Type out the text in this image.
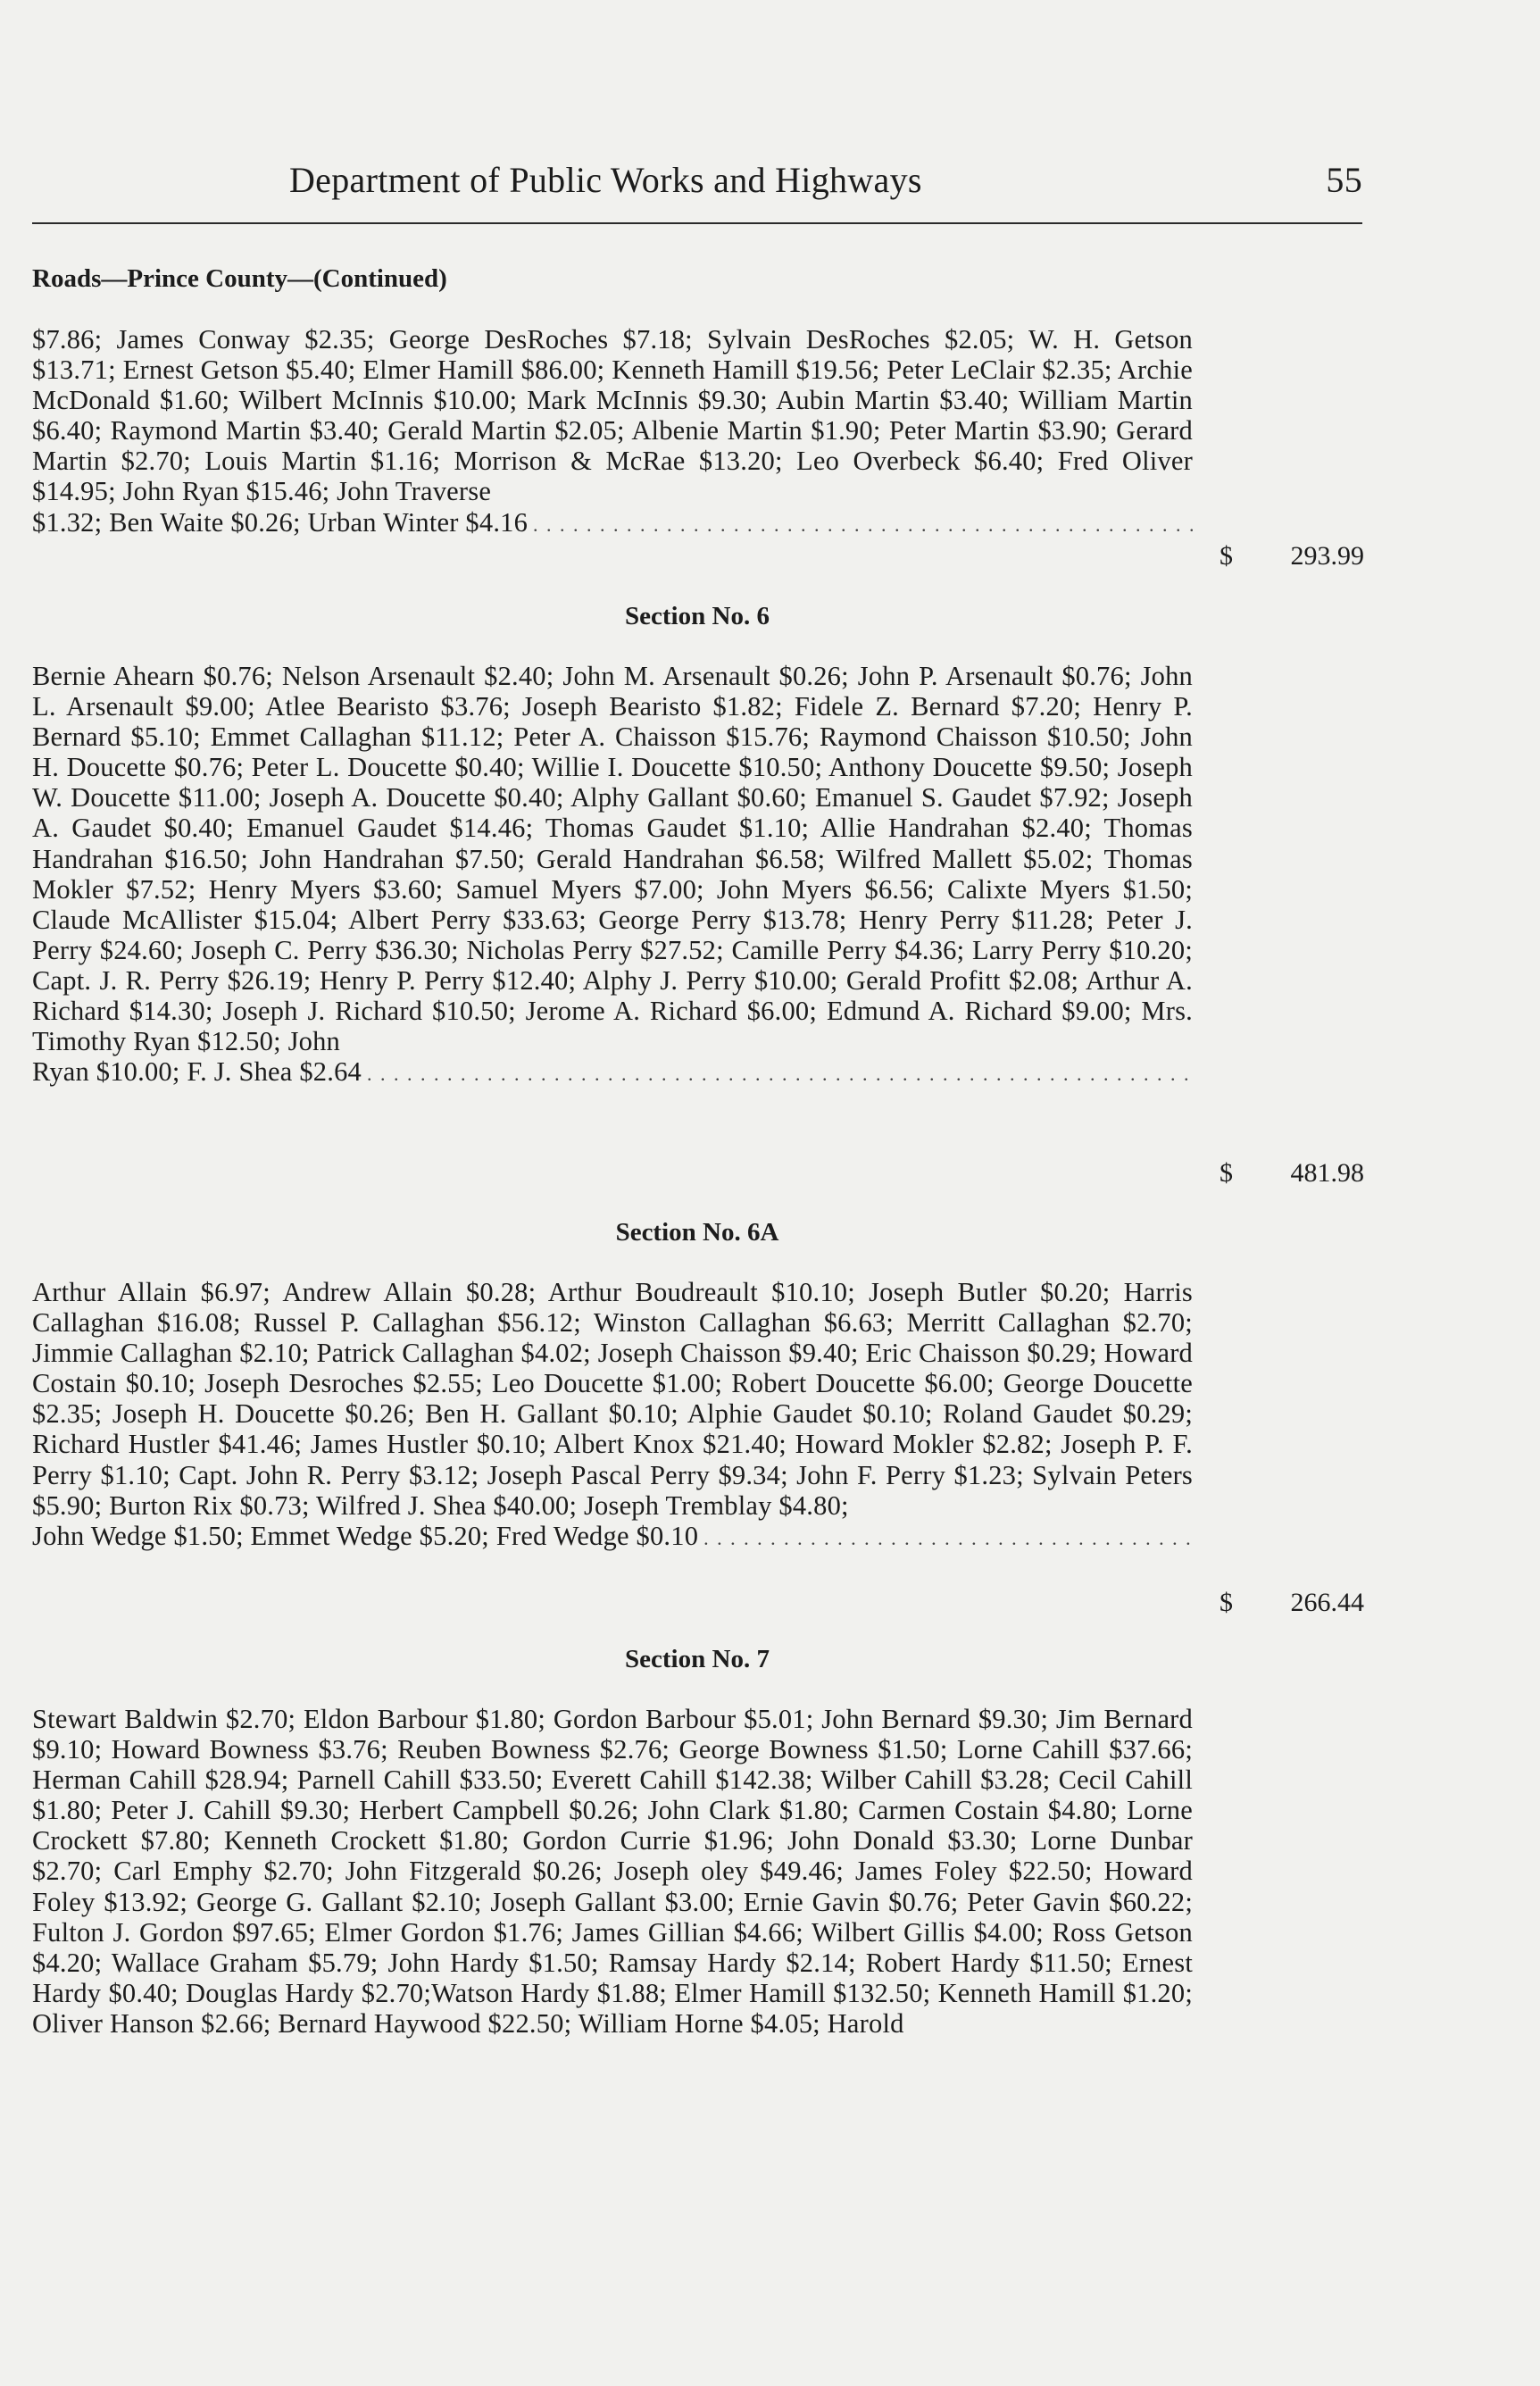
Department of Public Works and Highways	55
Roads—Prince County—(Continued)
$7.86; James Conway $2.35; George DesRoches $7.18; Sylvain DesRoches $2.05; W. H. Getson $13.71; Ernest Getson $5.40; Elmer Hamill $86.00; Kenneth Hamill $19.56; Peter LeClair $2.35; Archie McDonald $1.60; Wilbert McInnis $10.00; Mark McInnis $9.30; Aubin Martin $3.40; William Martin $6.40; Raymond Martin $3.40; Gerald Martin $2.05; Albenie Martin $1.90; Peter Martin $3.90; Gerard Martin $2.70; Louis Martin $1.16; Morrison & McRae $13.20; Leo Overbeck $6.40; Fred Oliver $14.95; John Ryan $15.46; John Traverse
$1.32; Ben Waite $0.26; Urban Winter $4.16
. . .
$ 293.99
Section No. 6
Bernie Ahearn $0.76; Nelson Arsenault $2.40; John M. Arsenault $0.26; John P. Arsenault $0.76; John L. Arsenault $9.00; Atlee Bearisto $3.76; Joseph Bearisto $1.82; Fidele Z. Bernard $7.20; Henry P. Bernard $5.10; Emmet Callaghan $11.12; Peter A. Chaisson $15.76; Raymond Chaisson $10.50; John H. Doucette $0.76; Peter L. Doucette $0.40; Willie I. Doucette $10.50; Anthony Doucette $9.50; Joseph W. Doucette $11.00; Joseph A. Doucette $0.40; Alphy Gallant $0.60; Emanuel S. Gaudet $7.92; Joseph A. Gaudet $0.40; Emanuel Gaudet $14.46; Thomas Gaudet $1.10; Allie Handrahan $2.40; Thomas Handrahan $16.50; John Handrahan $7.50; Gerald Handrahan $6.58; Wilfred Mallett $5.02; Thomas Mokler $7.52; Henry Myers $3.60; Samuel Myers $7.00; John Myers $6.56; Calixte Myers $1.50; Claude McAllister $15.04; Albert Perry $33.63; George Perry $13.78; Henry Perry $11.28; Peter J. Perry $24.60; Joseph C. Perry $36.30; Nicholas Perry $27.52; Camille Perry $4.36; Larry Perry $10.20; Capt. J. R. Perry $26.19; Henry P. Perry $12.40; Alphy J. Perry $10.00; Gerald Profitt $2.08; Arthur A. Richard $14.30; Joseph J. Richard $10.50; Jerome A. Richard $6.00; Edmund A. Richard $9.00; Mrs. Timothy Ryan $12.50; John
Ryan $10.00; F. J. Shea $2.64
. . .
$ 481.98
Section No. 6A
Arthur Allain $6.97; Andrew Allain $0.28; Arthur Boudreault $10.10; Joseph Butler $0.20; Harris Callaghan $16.08; Russel P. Callaghan $56.12; Winston Callaghan $6.63; Merritt Callaghan $2.70; Jimmie Callaghan $2.10; Patrick Callaghan $4.02; Joseph Chaisson $9.40; Eric Chaisson $0.29; Howard Costain $0.10; Joseph Desroches $2.55; Leo Doucette $1.00; Robert Doucette $6.00; George Doucette $2.35; Joseph H. Doucette $0.26; Ben H. Gallant $0.10; Alphie Gaudet $0.10; Roland Gaudet $0.29; Richard Hustler $41.46; James Hustler $0.10; Albert Knox $21.40; Howard Mokler $2.82; Joseph P. F. Perry $1.10; Capt. John R. Perry $3.12; Joseph Pascal Perry $9.34; John F. Perry $1.23; Sylvain Peters $5.90; Burton Rix $0.73; Wilfred J. Shea $40.00; Joseph Tremblay $4.80;
John Wedge $1.50; Emmet Wedge $5.20; Fred Wedge $0.10
. . .
$ 266.44
Section No. 7
Stewart Baldwin $2.70; Eldon Barbour $1.80; Gordon Barbour $5.01; John Bernard $9.30; Jim Bernard $9.10; Howard Bowness $3.76; Reuben Bowness $2.76; George Bowness $1.50; Lorne Cahill $37.66; Herman Cahill $28.94; Parnell Cahill $33.50; Everett Cahill $142.38; Wilber Cahill $3.28; Cecil Cahill $1.80; Peter J. Cahill $9.30; Herbert Campbell $0.26; John Clark $1.80; Carmen Costain $4.80; Lorne Crockett $7.80; Kenneth Crockett $1.80; Gordon Currie $1.96; John Donald $3.30; Lorne Dunbar $2.70; Carl Emphy $2.70; John Fitzgerald $0.26; Joseph oley $49.46; James Foley $22.50; Howard Foley $13.92; George G. Gallant $2.10; Joseph Gallant $3.00; Ernie Gavin $0.76; Peter Gavin $60.22; Fulton J. Gordon $97.65; Elmer Gordon $1.76; James Gillian $4.66; Wilbert Gillis $4.00; Ross Getson $4.20; Wallace Graham $5.79; John Hardy $1.50; Ramsay Hardy $2.14; Robert Hardy $11.50; Ernest Hardy $0.40; Douglas Hardy $2.70;Watson Hardy $1.88; Elmer Hamill $132.50; Kenneth Hamill $1.20; Oliver Hanson $2.66; Bernard Haywood $22.50; William Horne $4.05; Harold
